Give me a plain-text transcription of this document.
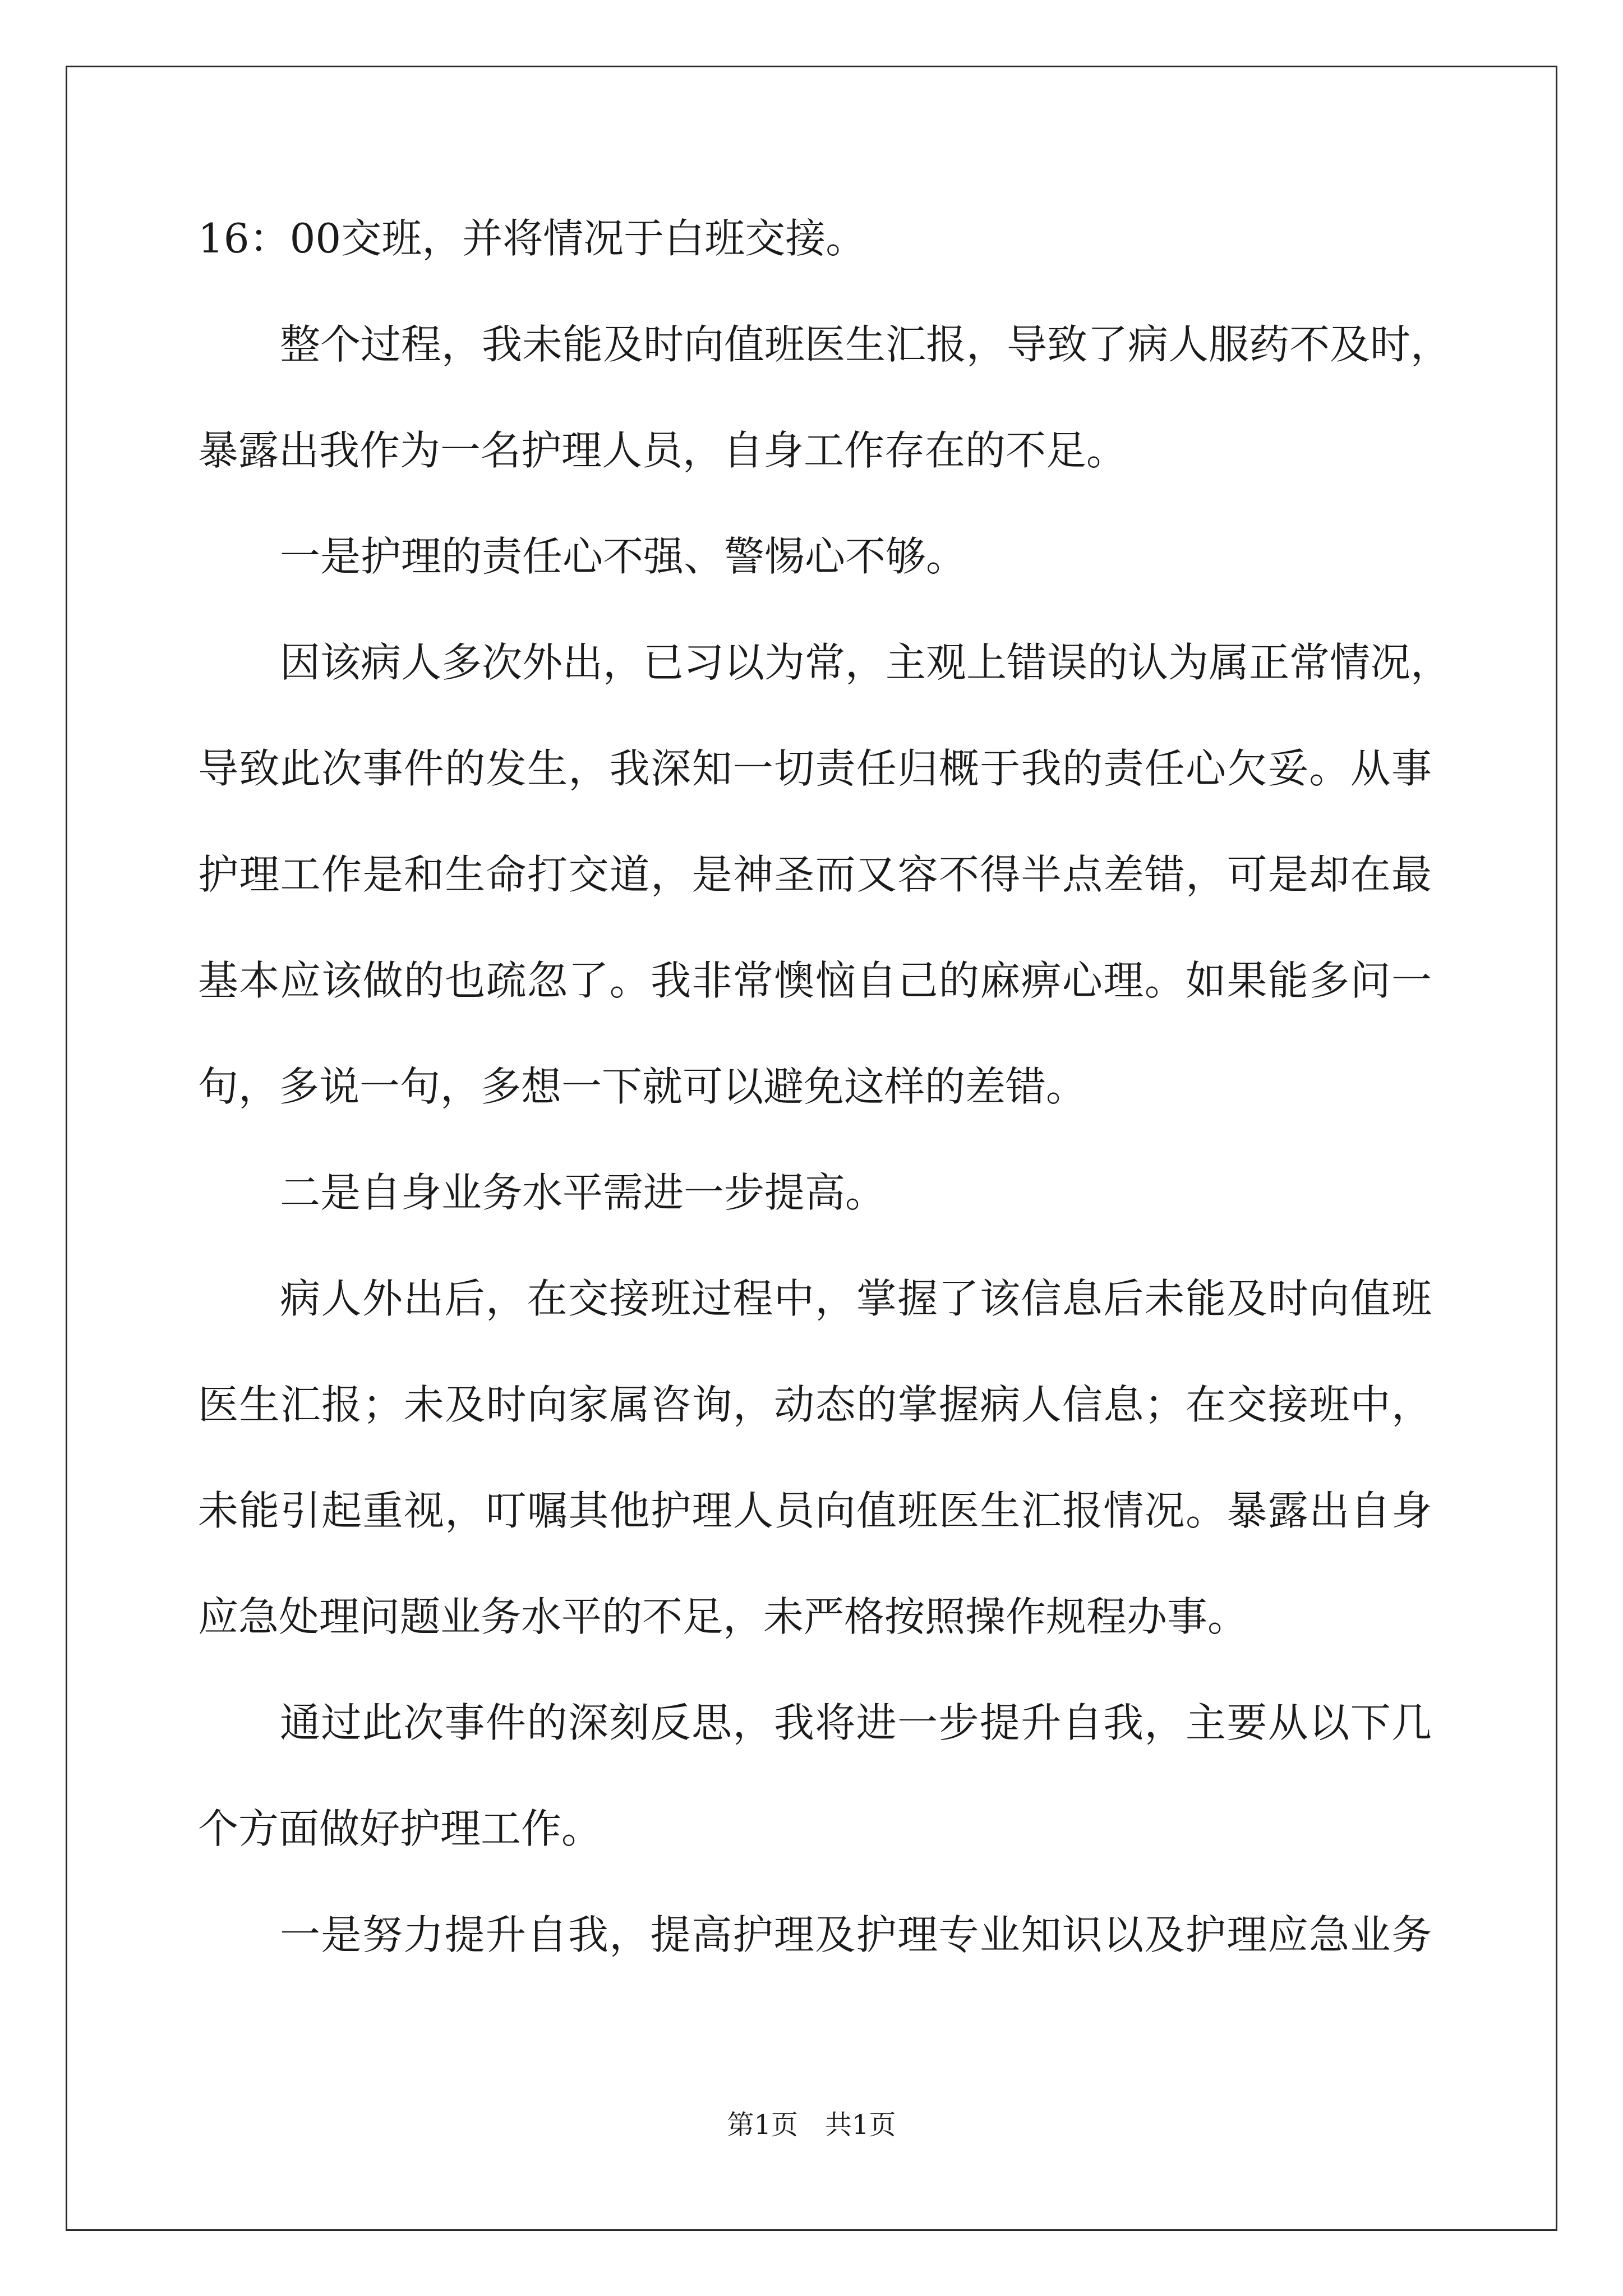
16：00交班，并将情况于白班交接。
整个过程，我未能及时向值班医生汇报，导致了病人服药不及时，
暴露出我作为一名护理人员，自身工作存在的不足。
一是护理的责任心不强、警惕心不够。
因该病人多次外出，已习以为常，主观上错误的认为属正常情况，
导致此次事件的发生，我深知一切责任归概于我的责任心欠妥。从事
护理工作是和生命打交道，是神圣而又容不得半点差错，可是却在最
基本应该做的也疏忽了。我非常懊恼自己的麻痹心理。如果能多问一
句，多说一句，多想一下就可以避免这样的差错。
二是自身业务水平需进一步提高。
病人外出后，在交接班过程中，掌握了该信息后未能及时向值班
医生汇报；未及时向家属咨询，动态的掌握病人信息；在交接班中，
未能引起重视，叮嘱其他护理人员向值班医生汇报情况。暴露出自身
应急处理问题业务水平的不足，未严格按照操作规程办事。
通过此次事件的深刻反思，我将进一步提升自我，主要从以下几
个方面做好护理工作。
一是努力提升自我，提高护理及护理专业知识以及护理应急业务
第1页 共1页
